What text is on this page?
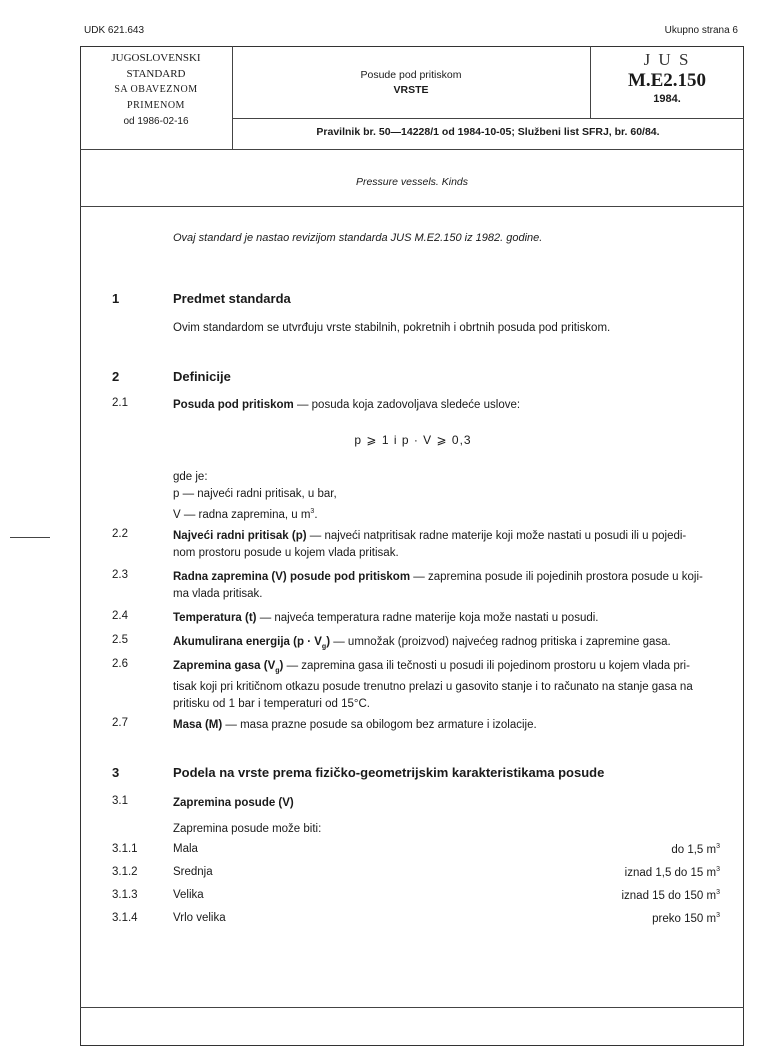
UDK 621.643	Ukupno strana 6
JUGOSLOVENSKI
STANDARD
SA OBAVEZNOM
PRIMENOM
od 1986-02-16
Posude pod pritiskom
VRSTE
J U S
M.E2.150
1984.
Pravilnik br. 50—14228/1 od 1984-10-05; Službeni list SFRJ, br. 60/84.
Pressure vessels. Kinds
Ovaj standard je nastao revizijom standarda JUS M.E2.150 iz 1982. godine.
1	Predmet standarda
Ovim standardom se utvrđuju vrste stabilnih, pokretnih i obrtnih posuda pod pritiskom.
2	Definicije
2.1	Posuda pod pritiskom — posuda koja zadovoljava sledeće uslove:
p ⩾ 1 i p · V ⩾ 0,3
gde je:
p — najveći radni pritisak, u bar,
V — radna zapremina, u $m^3$.
2.2	Najveći radni pritisak (p) — najveći natpritisak radne materije koji može nastati u posudi ili u pojedi-
nom prostoru posude u kojem vlada pritisak.
2.3	Radna zapremina (V) posude pod pritiskom — zapremina posude ili pojedinih prostora posude u koji-
ma vlada pritisak.
2.4	Temperatura (t) — najveća temperatura radne materije koja može nastati u posudi.
2.5	Akumulirana energija $(p \cdot V_g)$ — umnožak (proizvod) najvećeg radnog pritiska i zapremine gasa.
2.6	Zapremina gasa $(V_g)$ — zapremina gasa ili tečnosti u posudi ili pojedinom prostoru u kojem vlada pri-
tisak koji pri kritičnom otkazu posude trenutno prelazi u gasovito stanje i to računato na stanje gasa na
pritisku od 1 bar i temperaturi od 15°C.
2.7	Masa (M) — masa prazne posude sa obilogom bez armature i izolacije.
3	Podela na vrste prema fizičko-geometrijskim karakteristikama posude
3.1	Zapremina posude (V)
Zapremina posude može biti:
3.1.1	Mala	do 1,5 $m^3$
3.1.2	Srednja	iznad 1,5 do 15 $m^3$
3.1.3	Velika	iznad 15 do 150 $m^3$
3.1.4	Vrlo velika	preko 150 $m^3$
